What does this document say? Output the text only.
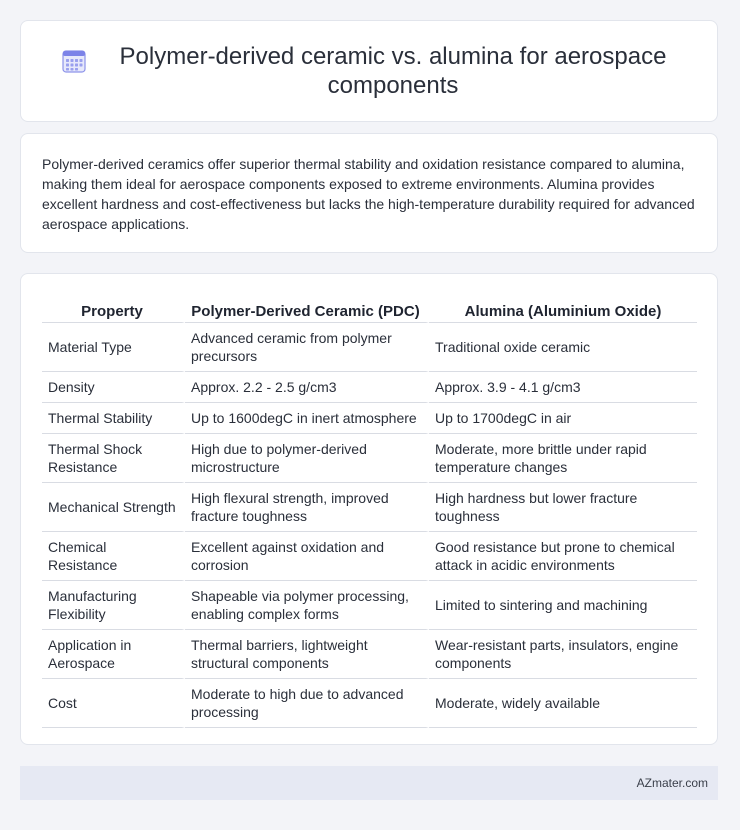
Polymer-derived ceramic vs. alumina for aerospace components

Polymer-derived ceramics offer superior thermal stability and oxidation resistance compared to alumina, making them ideal for aerospace components exposed to extreme environments. Alumina provides excellent hardness and cost-effectiveness but lacks the high-temperature durability required for advanced aerospace applications.

Property	Polymer-Derived Ceramic (PDC)	Alumina (Aluminium Oxide)
Material Type	Advanced ceramic from polymer precursors	Traditional oxide ceramic
Density	Approx. 2.2 - 2.5 g/cm3	Approx. 3.9 - 4.1 g/cm3
Thermal Stability	Up to 1600degC in inert atmosphere	Up to 1700degC in air
Thermal Shock Resistance	High due to polymer-derived microstructure	Moderate, more brittle under rapid temperature changes
Mechanical Strength	High flexural strength, improved fracture toughness	High hardness but lower fracture toughness
Chemical Resistance	Excellent against oxidation and corrosion	Good resistance but prone to chemical attack in acidic environments
Manufacturing Flexibility	Shapeable via polymer processing, enabling complex forms	Limited to sintering and machining
Application in Aerospace	Thermal barriers, lightweight structural components	Wear-resistant parts, insulators, engine components
Cost	Moderate to high due to advanced processing	Moderate, widely available
AZmater.com
